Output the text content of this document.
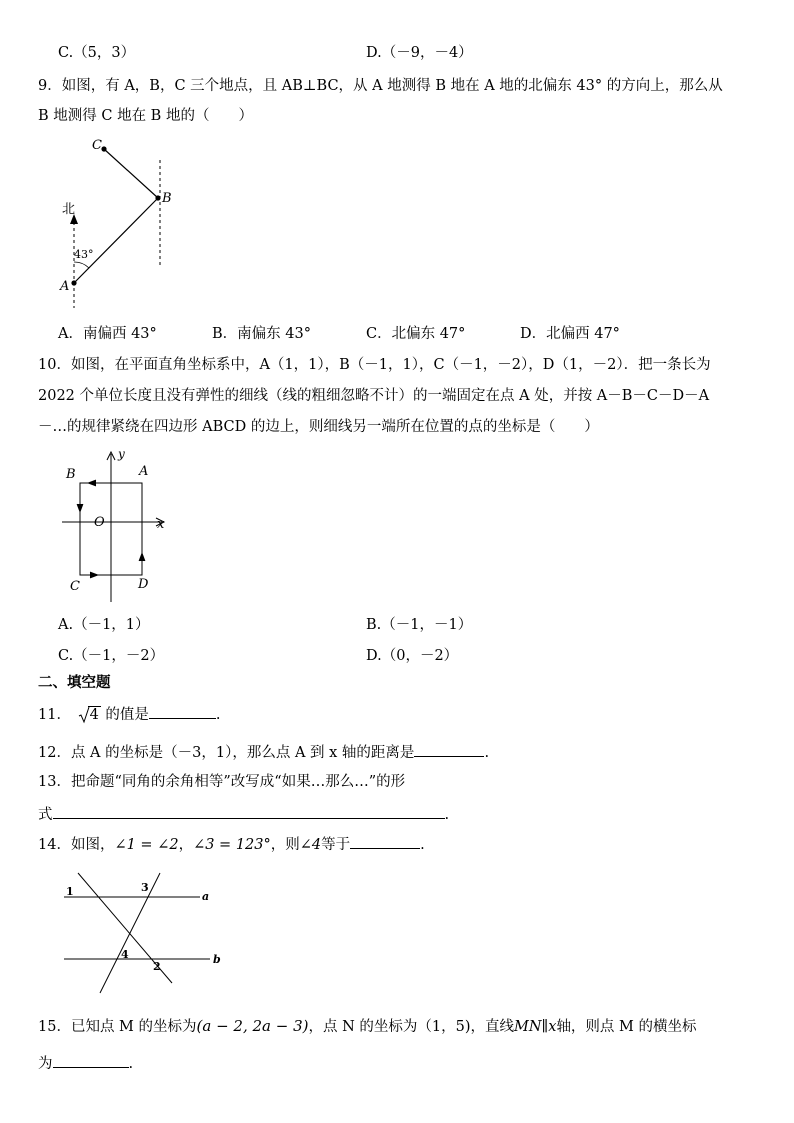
C.（5，3）	D.（－9，－4）
9．如图，有 A，B，C 三个地点，且 AB⊥BC，从 A 地测得 B 地在 A 地的北偏东 43° 的方向上，那么从
B 地测得 C 地在 B 地的（　　）
北
43°
A
B
C
A．南偏西 43°	B．南偏东 43°	C．北偏东 47°	D．北偏西 47°
10．如图，在平面直角坐标系中，A（1，1），B（－1，1），C（－1，－2），D（1，－2）．把一条长为
2022 个单位长度且没有弹性的细线（线的粗细忽略不计）的一端固定在点 A 处，并按 A－B－C－D－A
－…的规律紧绕在四边形 ABCD 的边上，则细线另一端所在位置的点的坐标是（　　）
y
x
O
A
B
C	D
A.（－1，1）	B.（－1，－1）
C.（－1，－2）	D.（0，－2）
二、填空题
11． 4 的值是	.
12．点 A 的坐标是（－3，1），那么点 A 到 x 轴的距离是	.
13．把命题“同角的余角相等”改写成“如果…那么…”的形
式	.
14．如图，∠1 = ∠2，∠3 = 123°，则∠4等于	.
1	3
4
2
a
b
15．已知点 M 的坐标为(a − 2, 2a − 3)，点 N 的坐标为（1，5)，直线MN∥x轴，则点 M 的横坐标
为	.
